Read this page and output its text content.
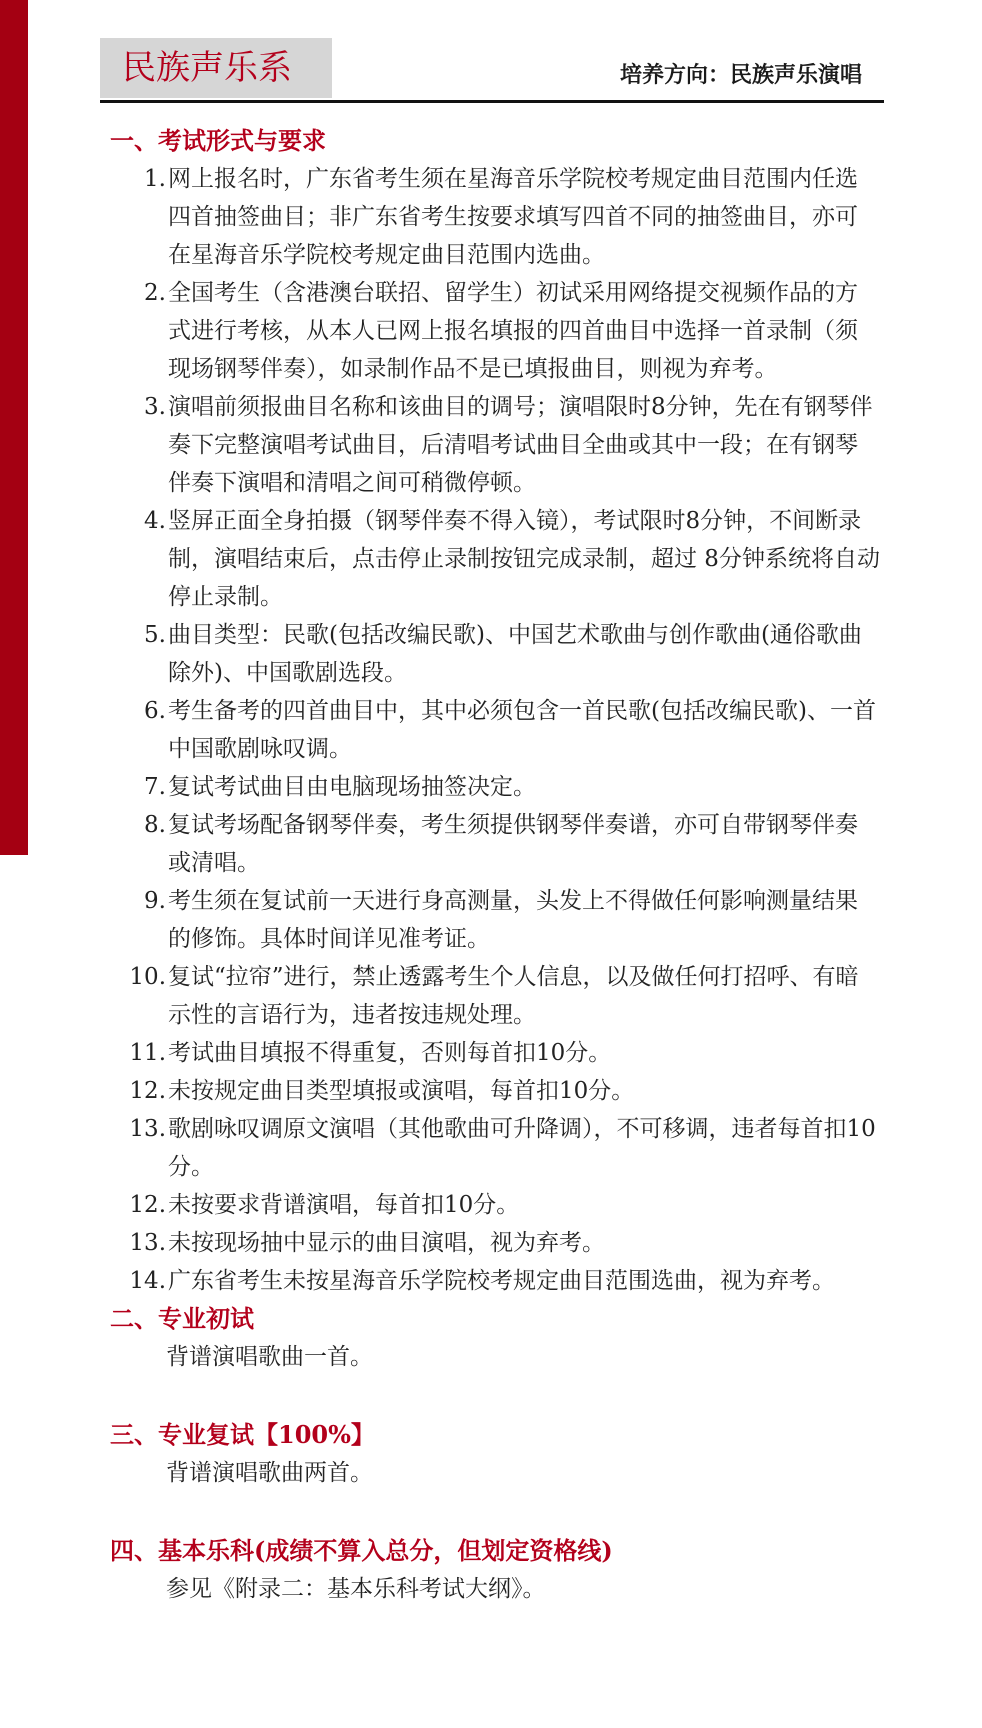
民族声乐系	培养方向：民族声乐演唱
一、考试形式与要求
1. 网上报名时，广东省考生须在星海音乐学院校考规定曲目范围内任选四首抽签曲目；非广东省考生按要求填写四首不同的抽签曲目，亦可在星海音乐学院校考规定曲目范围内选曲。
2. 全国考生（含港澳台联招、留学生）初试采用网络提交视频作品的方式进行考核，从本人已网上报名填报的四首曲目中选择一首录制（须现场钢琴伴奏），如录制作品不是已填报曲目，则视为弃考。
3. 演唱前须报曲目名称和该曲目的调号；演唱限时8分钟，先在有钢琴伴奏下完整演唱考试曲目，后清唱考试曲目全曲或其中一段；在有钢琴伴奏下演唱和清唱之间可稍微停顿。
4. 竖屏正面全身拍摄（钢琴伴奏不得入镜），考试限时8分钟，不间断录制，演唱结束后，点击停止录制按钮完成录制，超过 8分钟系统将自动停止录制。
5. 曲目类型：民歌(包括改编民歌)、中国艺术歌曲与创作歌曲(通俗歌曲除外)、中国歌剧选段。
6. 考生备考的四首曲目中，其中必须包含一首民歌(包括改编民歌)、一首中国歌剧咏叹调。
7. 复试考试曲目由电脑现场抽签决定。
8. 复试考场配备钢琴伴奏，考生须提供钢琴伴奏谱，亦可自带钢琴伴奏或清唱。
9. 考生须在复试前一天进行身高测量，头发上不得做任何影响测量结果的修饰。具体时间详见准考证。
10. 复试“拉帘”进行，禁止透露考生个人信息，以及做任何打招呼、有暗示性的言语行为，违者按违规处理。
11. 考试曲目填报不得重复，否则每首扣10分。
12. 未按规定曲目类型填报或演唱，每首扣10分。
13. 歌剧咏叹调原文演唱（其他歌曲可升降调），不可移调，违者每首扣10分。
12. 未按要求背谱演唱，每首扣10分。
13. 未按现场抽中显示的曲目演唱，视为弃考。
14. 广东省考生未按星海音乐学院校考规定曲目范围选曲，视为弃考。
二、专业初试
背谱演唱歌曲一首。
三、专业复试【100%】
背谱演唱歌曲两首。
四、基本乐科(成绩不算入总分，但划定资格线)
参见《附录二：基本乐科考试大纲》。
